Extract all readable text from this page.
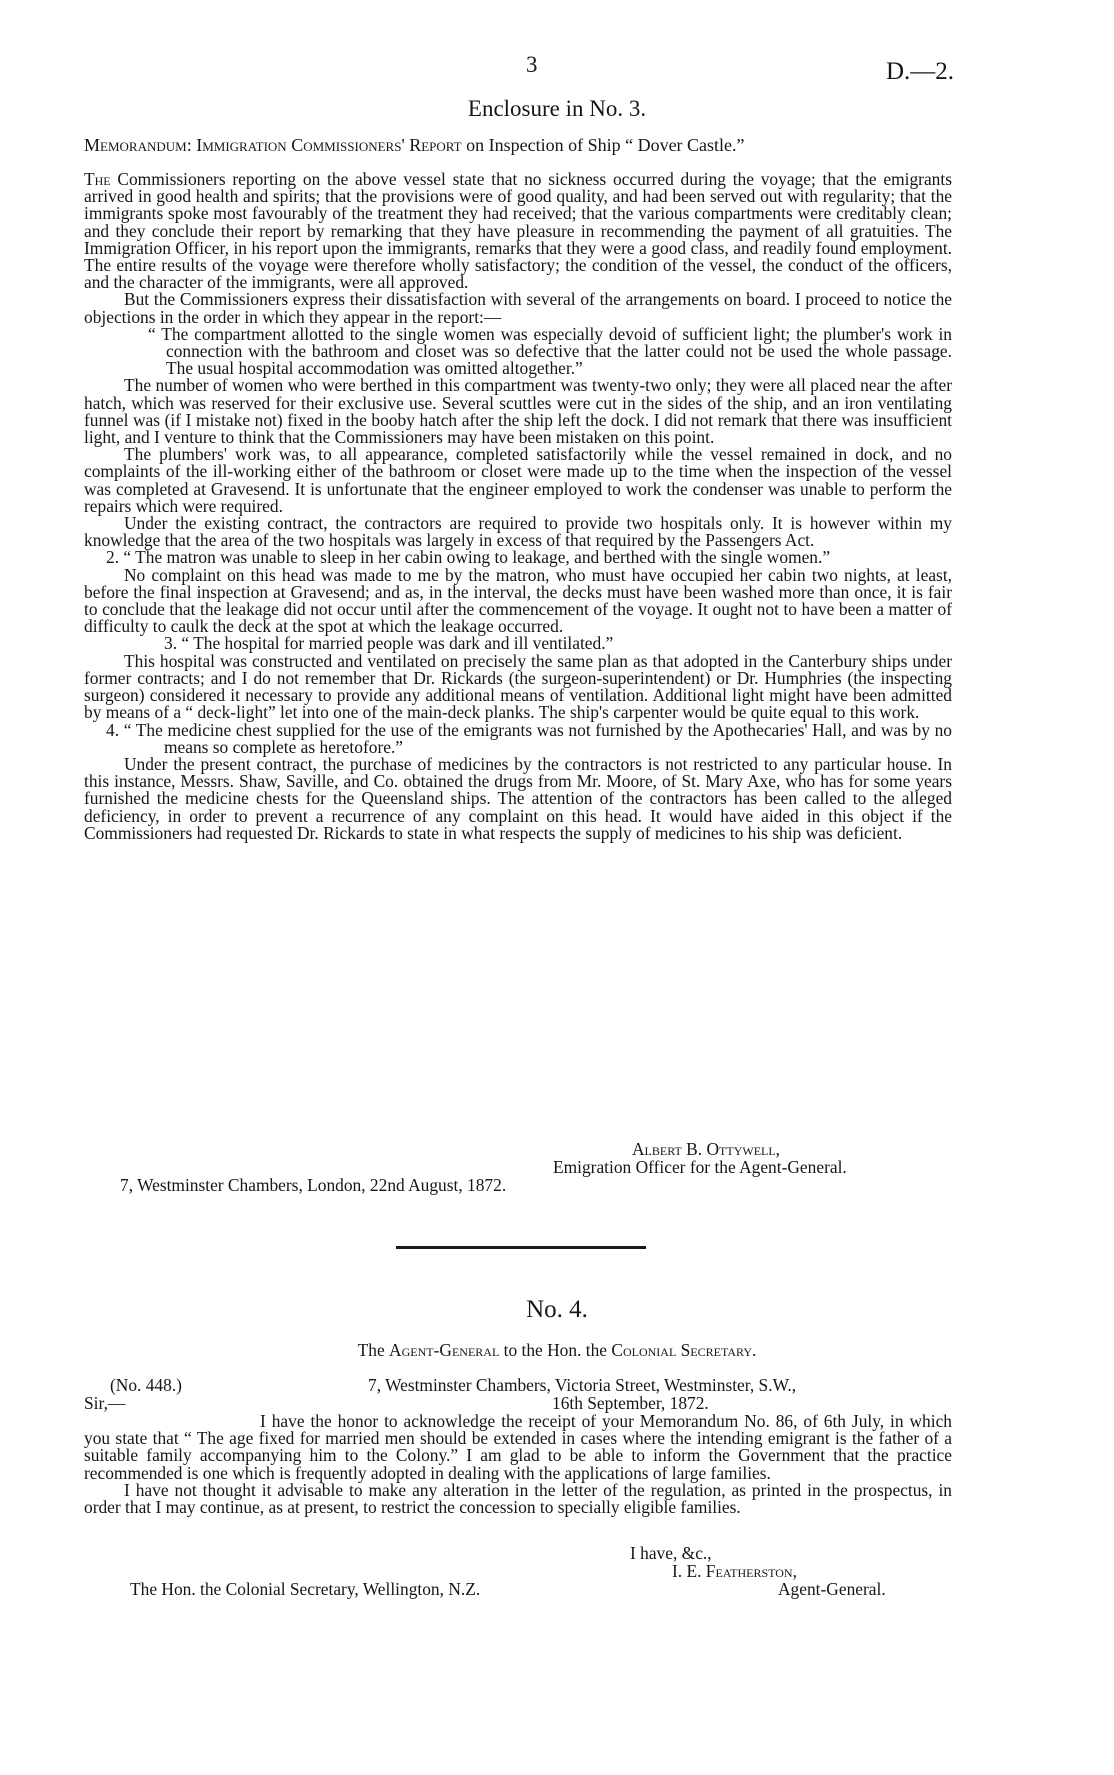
3	D.—2.
Enclosure in No. 3.
Memorandum: Immigration Commissioners' Report on Inspection of Ship “ Dover Castle.”

The Commissioners reporting on the above vessel state that no sickness occurred during the voyage; that the emigrants arrived in good health and spirits; that the provisions were of good quality, and had been served out with regularity; that the immigrants spoke most favourably of the treatment they had received; that the various compartments were creditably clean; and they conclude their report by remarking that they have pleasure in recommending the payment of all gratuities. The Immigration Officer, in his report upon the immigrants, remarks that they were a good class, and readily found employment. The entire results of the voyage were therefore wholly satisfactory; the condition of the vessel, the conduct of the officers, and the character of the immigrants, were all approved.

But the Commissioners express their dissatisfaction with several of the arrangements on board. I proceed to notice the objections in the order in which they appear in the report:—

“ The compartment allotted to the single women was especially devoid of sufficient light; the plumber's work in connection with the bathroom and closet was so defective that the latter could not be used the whole passage. The usual hospital accommodation was omitted altogether.”

The number of women who were berthed in this compartment was twenty-two only; they were all placed near the after hatch, which was reserved for their exclusive use. Several scuttles were cut in the sides of the ship, and an iron ventilating funnel was (if I mistake not) fixed in the booby hatch after the ship left the dock. I did not remark that there was insufficient light, and I venture to think that the Commissioners may have been mistaken on this point.

The plumbers' work was, to all appearance, completed satisfactorily while the vessel remained in dock, and no complaints of the ill-working either of the bathroom or closet were made up to the time when the inspection of the vessel was completed at Gravesend. It is unfortunate that the engineer employed to work the condenser was unable to perform the repairs which were required.

Under the existing contract, the contractors are required to provide two hospitals only. It is however within my knowledge that the area of the two hospitals was largely in excess of that required by the Passengers Act.

2. “ The matron was unable to sleep in her cabin owing to leakage, and berthed with the single women.”

No complaint on this head was made to me by the matron, who must have occupied her cabin two nights, at least, before the final inspection at Gravesend; and as, in the interval, the decks must have been washed more than once, it is fair to conclude that the leakage did not occur until after the commencement of the voyage. It ought not to have been a matter of difficulty to caulk the deck at the spot at which the leakage occurred.

3. “ The hospital for married people was dark and ill ventilated.”

This hospital was constructed and ventilated on precisely the same plan as that adopted in the Canterbury ships under former contracts; and I do not remember that Dr. Rickards (the surgeon-superintendent) or Dr. Humphries (the inspecting surgeon) considered it necessary to provide any additional means of ventilation. Additional light might have been admitted by means of a “ deck-light” let into one of the main-deck planks. The ship's carpenter would be quite equal to this work.

4. “ The medicine chest supplied for the use of the emigrants was not furnished by the Apothecaries' Hall, and was by no means so complete as heretofore.”

Under the present contract, the purchase of medicines by the contractors is not restricted to any particular house. In this instance, Messrs. Shaw, Saville, and Co. obtained the drugs from Mr. Moore, of St. Mary Axe, who has for some years furnished the medicine chests for the Queensland ships. The attention of the contractors has been called to the alleged deficiency, in order to prevent a recurrence of any complaint on this head. It would have aided in this object if the Commissioners had requested Dr. Rickards to state in what respects the supply of medicines to his ship was deficient.

Albert B. Ottywell,
Emigration Officer for the Agent-General.
7, Westminster Chambers, London, 22nd August, 1872.
No. 4.
The Agent-General to the Hon. the Colonial Secretary.
(No. 448.)	7, Westminster Chambers, Victoria Street, Westminster, S.W.,
Sir,—	16th September, 1872.

I have the honor to acknowledge the receipt of your Memorandum No. 86, of 6th July, in which you state that “ The age fixed for married men should be extended in cases where the intending emigrant is the father of a suitable family accompanying him to the Colony.” I am glad to be able to inform the Government that the practice recommended is one which is frequently adopted in dealing with the applications of large families.

I have not thought it advisable to make any alteration in the letter of the regulation, as printed in the prospectus, in order that I may continue, as at present, to restrict the concession to specially eligible families.

I have, &c.,
I. E. Featherston,
The Hon. the Colonial Secretary, Wellington, N.Z.	Agent-General.
